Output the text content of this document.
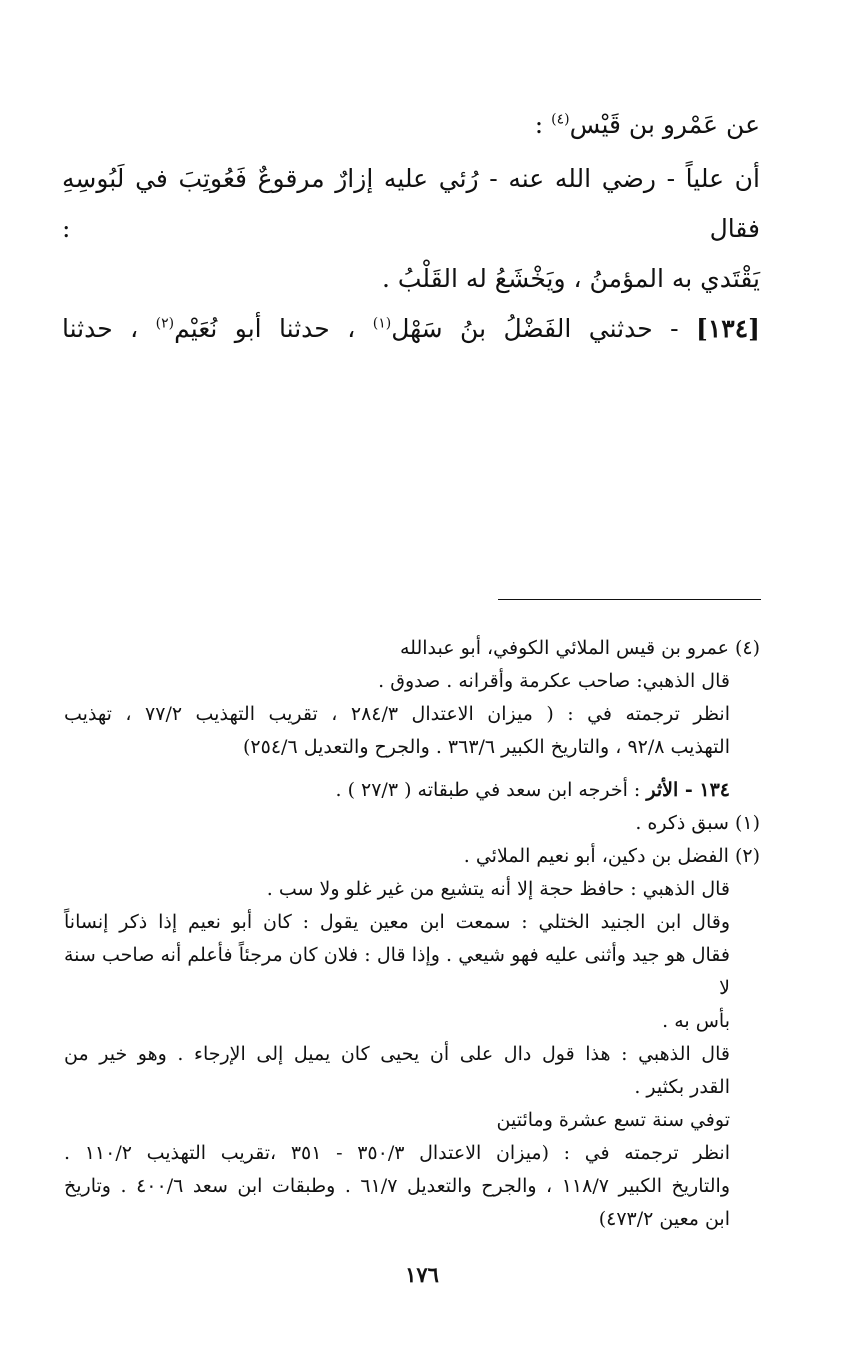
عن عَمْرو بن قَيْس$^{(٤)}$ :
أن علياً - رضي الله عنه - رُئي عليه إزارٌ مرقوعٌ فَعُوتِبَ في لَبُوسِهِ فقال :
يَقْتَدي به المؤمنُ ، ويَخْشَعُ له القَلْبُ .
[١٣٤] - حدثني الفَضْلُ بنُ سَهْل$^{(١)}$ ، حدثنا أبو نُعَيْم$^{(٢)}$ ، حدثنا
(٤) عمرو بن قيس الملائي الكوفي، أبو عبدالله
قال الذهبي: صاحب عكرمة وأقرانه . صدوق .
انظر ترجمته في : ( ميزان الاعتدال ٢٨٤/٣ ، تقريب التهذيب ٧٧/٢ ، تهذيب
التهذيب ٩٢/٨ ، والتاريخ الكبير ٣٦٣/٦ . والجرح والتعديل ٢٥٤/٦)
١٣٤ - الأثر : أخرجه ابن سعد في طبقاته ( ٢٧/٣ ) .
(١) سبق ذكره .
(٢) الفضل بن دكين، أبو نعيم الملائي .
قال الذهبي : حافظ حجة إلا أنه يتشيع من غير غلو ولا سب .
وقال ابن الجنيد الختلي : سمعت ابن معين يقول : كان أبو نعيم إذا ذكر إنساناً
فقال هو جيد وأثنى عليه فهو شيعي . وإذا قال : فلان كان مرجئاً فأعلم أنه صاحب سنة لا
بأس به .
قال الذهبي : هذا قول دال على أن يحيى كان يميل إلى الإرجاء . وهو خير من
القدر بكثير .
توفي سنة تسع عشرة ومائتين
انظر ترجمته في : (ميزان الاعتدال ٣٥٠/٣ - ٣٥١ ،تقريب التهذيب ١١٠/٢ .
والتاريخ الكبير ١١٨/٧ ، والجرح والتعديل ٦١/٧ . وطبقات ابن سعد ٤٠٠/٦ . وتاريخ
ابن معين ٤٧٣/٢)
١٧٦
